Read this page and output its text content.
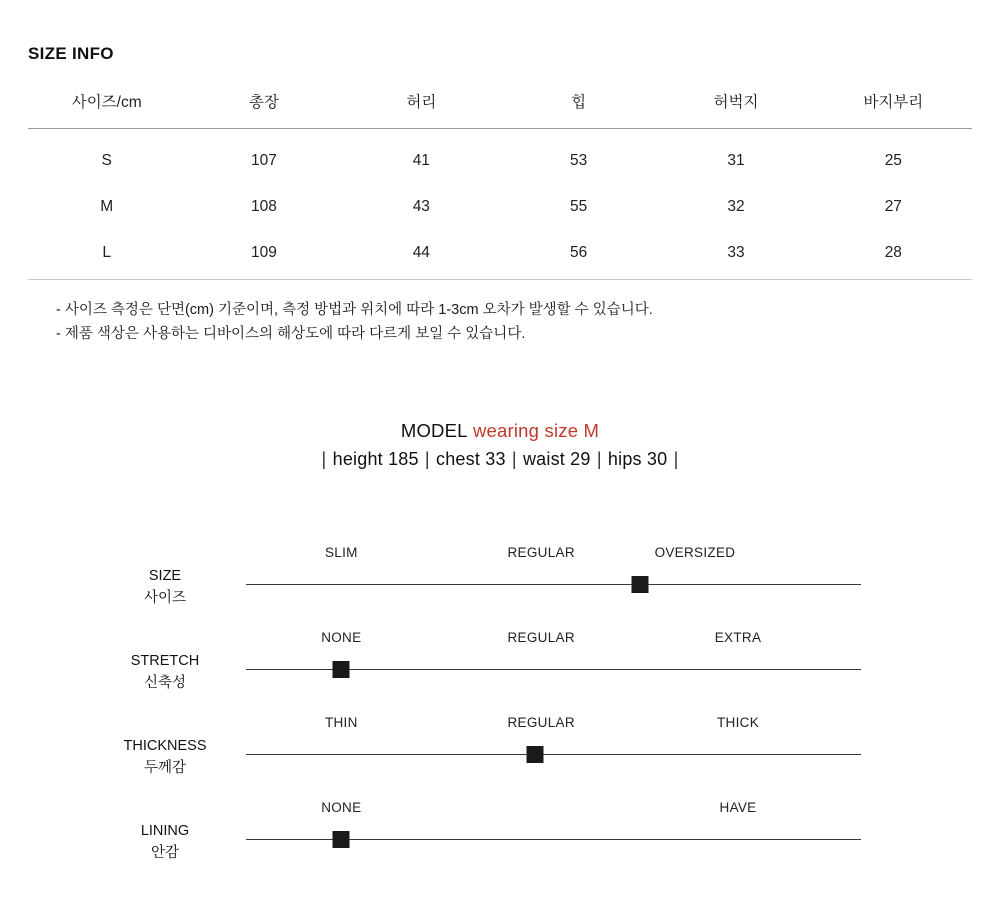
SIZE INFO
사이즈/cm	총장	허리	힙	허벅지	바지부리
S	107	41	53	31	25
M	108	43	55	32	27
L	109	44	56	33	28
- 사이즈 측정은 단면(cm) 기준이며, 측정 방법과 위치에 따라 1-3cm 오차가 발생할 수 있습니다.
- 제품 색상은 사용하는 디바이스의 해상도에 따라 다르게 보일 수 있습니다.
MODEL wearing size M
| height 185 | chest 33 | waist 29 | hips 30 |
SIZE
사이즈
SLIM	REGULAR	OVERSIZED
STRETCH
신축성
NONE	REGULAR	EXTRA
THICKNESS
두께감
THIN	REGULAR	THICK
LINING
안감
NONE	HAVE
